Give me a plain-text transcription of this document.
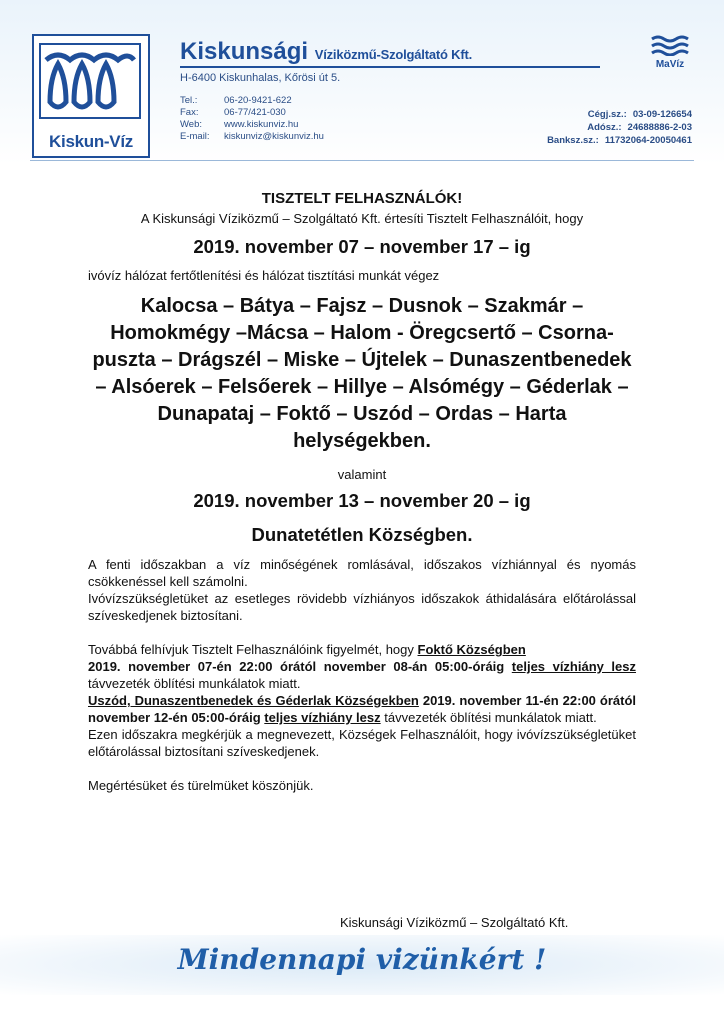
Kiskun-Víz
Kiskunsági Víziközmű-Szolgáltató Kft.
H-6400 Kiskunhalas, Kőrösi út 5.
Tel.:	06-20-9421-622
Fax:	06-77/421-030
Web: www.kiskunviz.hu
E-mail: kiskunviz@kiskunviz.hu
Cégj.sz.: 03-09-126654
Adósz.: 24688886-2-03
Banksz.sz.: 11732064-20050461
MaVíz

TISZTELT FELHASZNÁLÓK!

A Kiskunsági Víziközmű – Szolgáltató Kft. értesíti Tisztelt Felhasználóit, hogy

2019. november 07 – november 17 – ig

ivóvíz hálózat fertőtlenítési és hálózat tisztítási munkát végez

Kalocsa – Bátya – Fajsz – Dusnok – Szakmár – Homokmégy –Mácsa – Halom - Öregcsertő – Csorna-puszta – Drágszél – Miske – Újtelek – Dunaszentbenedek – Alsóerek – Felsőerek – Hillye – Alsómégy – Géderlak – Dunapataj – Foktő – Uszód – Ordas – Harta helységekben.

valamint

2019. november 13 – november 20 – ig

Dunatetétlen Községben.

A fenti időszakban a víz minőségének romlásával, időszakos vízhiánnyal és nyomás csökkenéssel kell számolni.

Ivóvízszükségletüket az esetleges rövidebb vízhiányos időszakok áthidalására előtárolással szíveskedjenek biztosítani.

Továbbá felhívjuk Tisztelt Felhasználóink figyelmét, hogy Foktő Községben
2019. november 07-én 22:00 órától november 08-án 05:00-óráig teljes vízhiány lesz távvezeték öblítési munkálatok miatt.

Uszód, Dunaszentbenedek és Géderlak Községekben 2019. november 11-én 22:00 órától november 12-én 05:00-óráig teljes vízhiány lesz távvezeték öblítési munkálatok miatt.

Ezen időszakra megkérjük a megnevezett, Községek Felhasználóit, hogy ivóvízszükségletüket előtárolással biztosítani szíveskedjenek.

Megértésüket és türelmüket köszönjük.

Kiskunsági Víziközmű – Szolgáltató Kft.
Mindennapi vizünkért !
